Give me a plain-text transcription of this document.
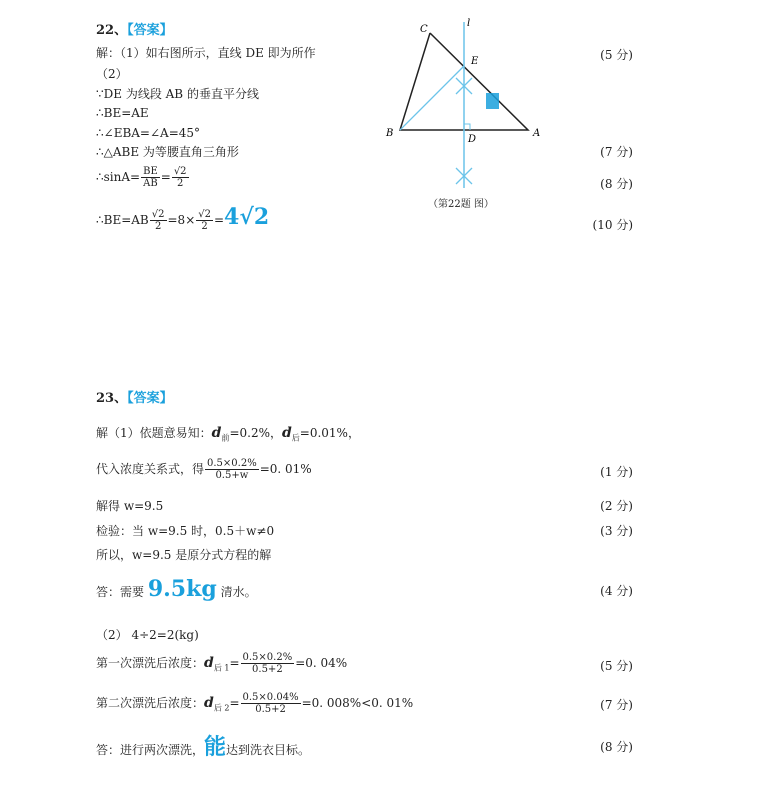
22、【答案】
解：（1）如右图所示，直线 DE 即为所作
（2）
∵DE 为线段 AB 的垂直平分线
∴BE=AE
∴∠EBA=∠A=45°
∴△ABE 为等腰直角三角形
∴sinA= $\frac{BE}{AB} = \frac{√2}{2}$
∴BE=AB $\frac{√2}{2} =8\times \frac{√2}{2} =4√2$
(5 分)
(7 分)
(8 分)
(10 分)
C
l
E
B
D
A
（第22题 图）
23、【答案】
解（1）依题意易知：$d_前=0.2\%$，$d_后=0.01\%$，
代入浓度关系式，得 $\frac{0.5\times 0.2\%}{0.5+w} =0$. 01%
解得 w=9.5
检验：当 w=9.5 时，0.5＋w≠0
所以，w=9.5 是原分式方程的解
答：需要 9.5kg 清水。
（2） 4÷2=2(kg)
第一次漂洗后浓度：$d_{后 1}= \frac{0.5\times 0.2\%}{0.5+2} =0$. 04%
第二次漂洗后浓度：$d_{后 2}= \frac{0.5\times 0.04\%}{0.5+2} =0$. 008%<0. 01%
答：进行两次漂洗，能达到洗衣目标。
(1 分)
(2 分)
(3 分)
(4 分)
(5 分)
(7 分)
(8 分)
